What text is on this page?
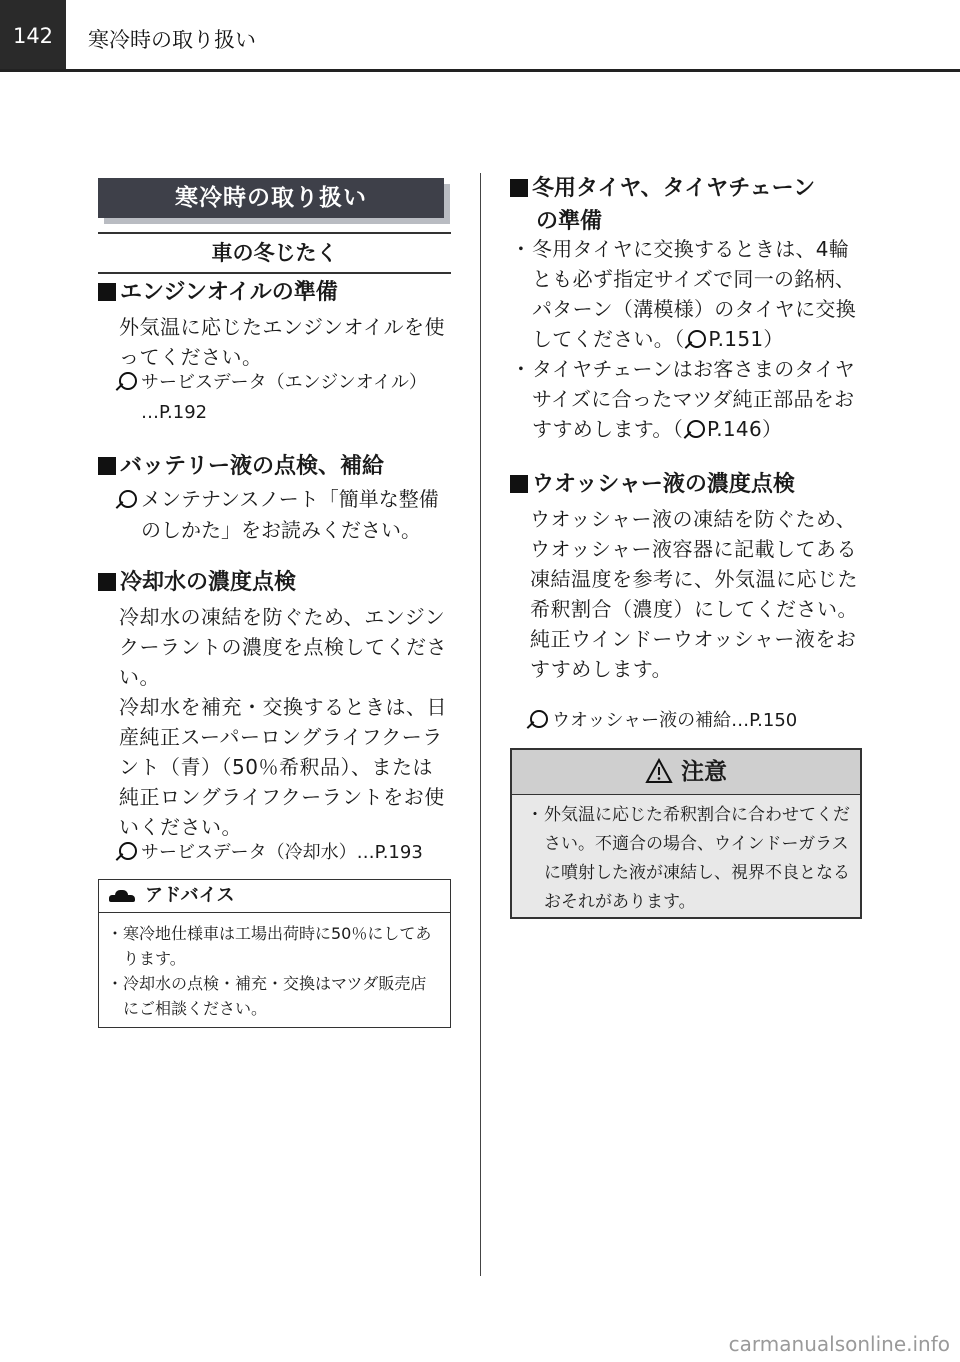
142	寒冷時の取り扱い
寒冷時の取り扱い
車の冬じたく
エンジンオイルの準備
外気温に応じたエンジンオイルを使ってください。
サービスデータ（エンジンオイル）
…P.192
バッテリー液の点検、補給
メンテナンスノート「簡単な整備
のしかた」をお読みください。
冷却水の濃度点検

冷却水の凍結を防ぐため、エンジンクーラントの濃度を点検してください。

冷却水を補充・交換するときは、日産純正スーパーロングライフクーラント（青）（50％希釈品）、または純正ロングライフクーラントをお使いください。

サービスデータ（冷却水）…P.193
アドバイス

・寒冷地仕様車は工場出荷時に50％にしてあります。

・冷却水の点検・補充・交換はマツダ販売店にご相談ください。

冬用タイヤ、タイヤチェーン
の準備

・冬用タイヤに交換するときは、4輪とも必ず指定サイズで同一の銘柄、パターン（溝模様）のタイヤに交換してください。（ P.151）

・タイヤチェーンはお客さまのタイヤサイズに合ったマツダ純正部品をおすすめします。（ P.146）

ウオッシャー液の濃度点検

ウオッシャー液の凍結を防ぐため、ウオッシャー液容器に記載してある凍結温度を参考に、外気温に応じた希釈割合（濃度）にしてください。

純正ウインドーウオッシャー液をおすすめします。

ウオッシャー液の補給…P.150
注意

・外気温に応じた希釈割合に合わせてください。不適合の場合、ウインドーガラスに噴射した液が凍結し、視界不良となるおそれがあります。

carmanualsonline.info
